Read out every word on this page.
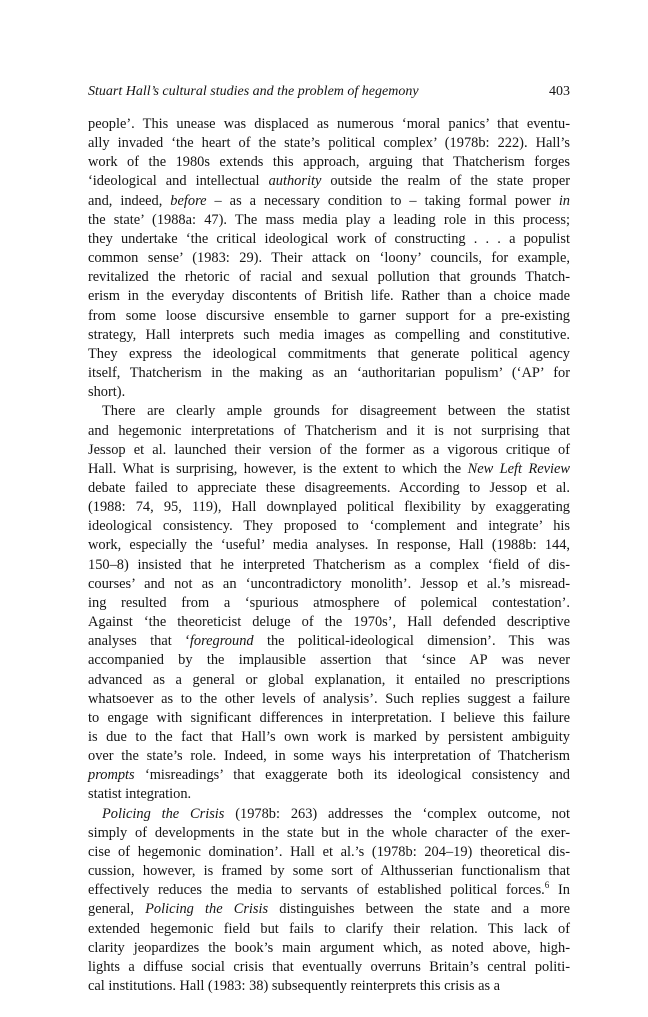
Stuart Hall’s cultural studies and the problem of hegemony	403
people’. This unease was displaced as numerous ‘moral panics’ that eventu-
ally invaded ‘the heart of the state’s political complex’ (1978b: 222). Hall’s
work of the 1980s extends this approach, arguing that Thatcherism forges
‘ideological and intellectual authority outside the realm of the state proper
and, indeed, before – as a necessary condition to – taking formal power in
the state’ (1988a: 47). The mass media play a leading role in this process;
they undertake ‘the critical ideological work of constructing . . . a populist
common sense’ (1983: 29). Their attack on ‘loony’ councils, for example,
revitalized the rhetoric of racial and sexual pollution that grounds Thatch-
erism in the everyday discontents of British life. Rather than a choice made
from some loose discursive ensemble to garner support for a pre-existing
strategy, Hall interprets such media images as compelling and constitutive.
They express the ideological commitments that generate political agency
itself, Thatcherism in the making as an ‘authoritarian populism’ (‘AP’ for
short).
There are clearly ample grounds for disagreement between the statist
and hegemonic interpretations of Thatcherism and it is not surprising that
Jessop et al. launched their version of the former as a vigorous critique of
Hall. What is surprising, however, is the extent to which the New Left Review
debate failed to appreciate these disagreements. According to Jessop et al.
(1988: 74, 95, 119), Hall downplayed political flexibility by exaggerating
ideological consistency. They proposed to ‘complement and integrate’ his
work, especially the ‘useful’ media analyses. In response, Hall (1988b: 144,
150–8) insisted that he interpreted Thatcherism as a complex ‘field of dis-
courses’ and not as an ‘uncontradictory monolith’. Jessop et al.’s misread-
ing resulted from a ‘spurious atmosphere of polemical contestation’.
Against ‘the theoreticist deluge of the 1970s’, Hall defended descriptive
analyses that ‘foreground the political-ideological dimension’. This was
accompanied by the implausible assertion that ‘since AP was never
advanced as a general or global explanation, it entailed no prescriptions
whatsoever as to the other levels of analysis’. Such replies suggest a failure
to engage with significant differences in interpretation. I believe this failure
is due to the fact that Hall’s own work is marked by persistent ambiguity
over the state’s role. Indeed, in some ways his interpretation of Thatcherism
prompts ‘misreadings’ that exaggerate both its ideological consistency and
statist integration.
Policing the Crisis (1978b: 263) addresses the ‘complex outcome, not
simply of developments in the state but in the whole character of the exer-
cise of hegemonic domination’. Hall et al.’s (1978b: 204–19) theoretical dis-
cussion, however, is framed by some sort of Althusserian functionalism that
effectively reduces the media to servants of established political forces.$^6$ In
general, Policing the Crisis distinguishes between the state and a more
extended hegemonic field but fails to clarify their relation. This lack of
clarity jeopardizes the book’s main argument which, as noted above, high-
lights a diffuse social crisis that eventually overruns Britain’s central politi-
cal institutions. Hall (1983: 38) subsequently reinterprets this crisis as a
